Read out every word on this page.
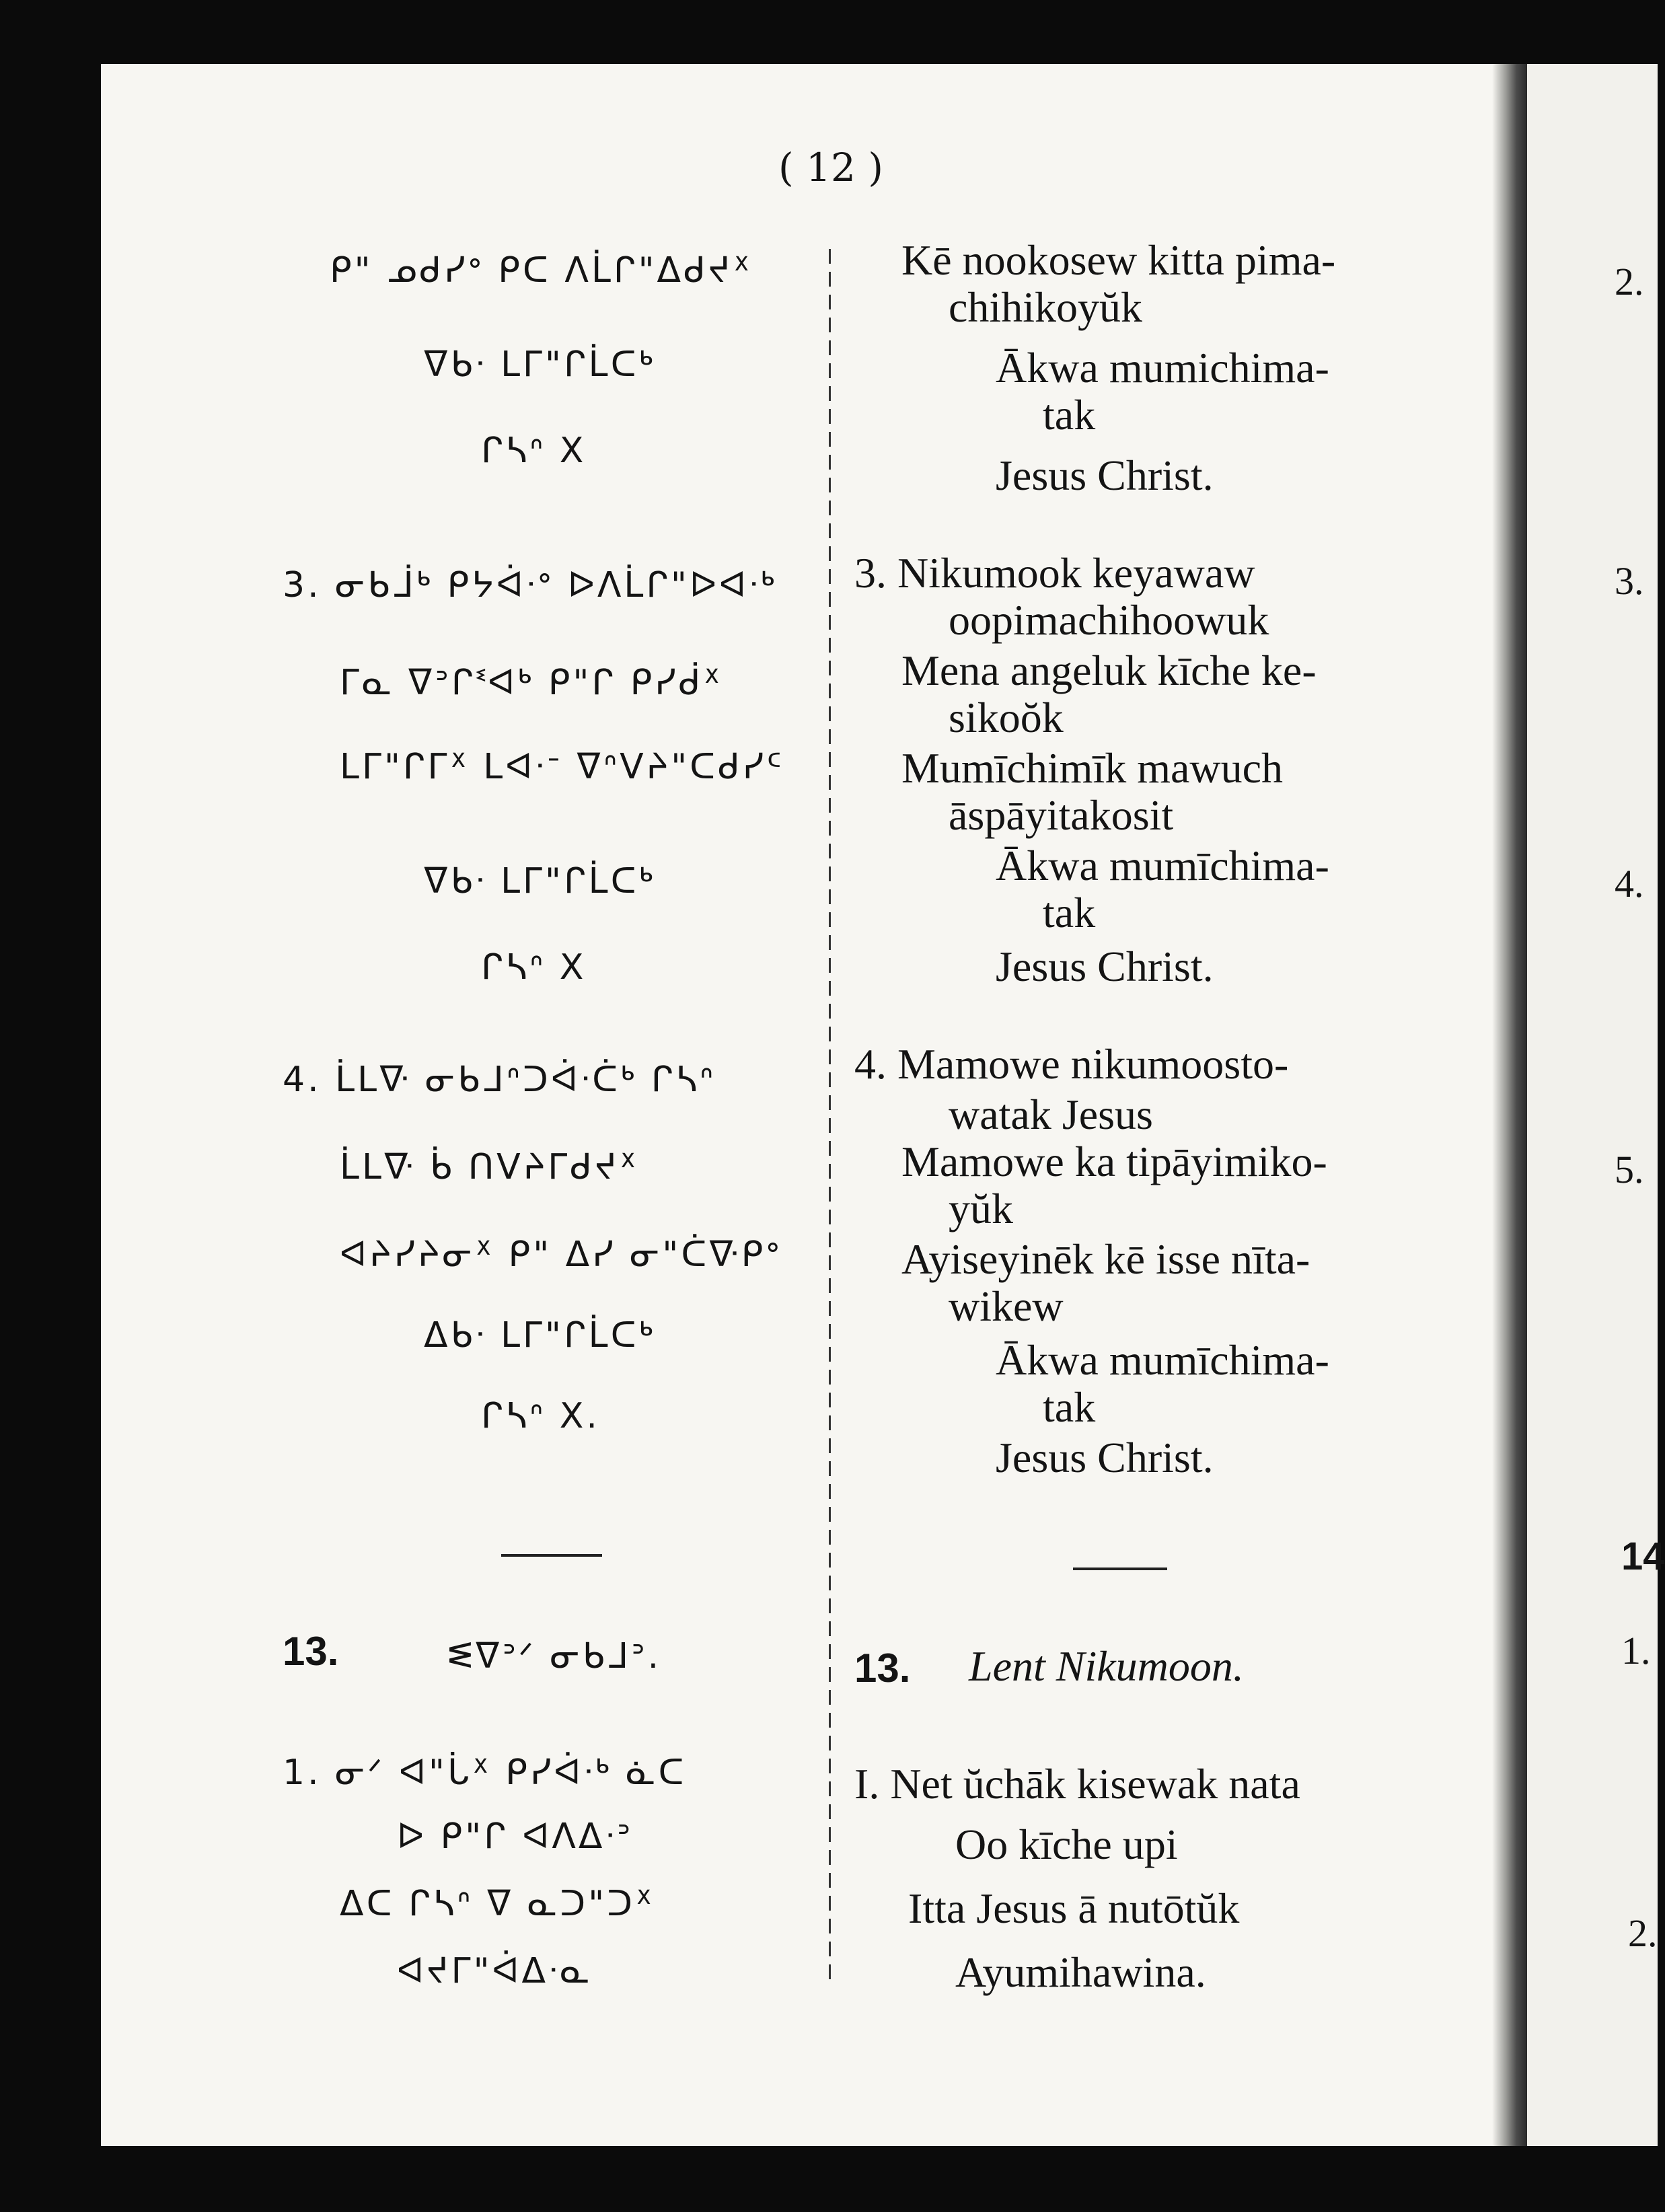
( 12 )
ᑭ" ᓄᑯᓯᐤ ᑭᑕ ᐱᒫᒋ"ᐃᑯᔪᕽ
ᐁᑲᐧ ᒪᒥ"ᒋᒫᑕᒃ
ᒋᓴᐢ X
3. ᓂᑲᒨᒃ ᑭᔭᐋᐧᐤ ᐅᐱᒫᒋ"ᐅᐊᐧᒃ
ᒥᓇ ᐁᐣᒋᓫᐊᒃ ᑭ"ᒋ ᑭᓯᑰᕽ
ᒪᒥ"ᒋᒥᕽ ᒪᐊᐧᐨ ᐁᐢᐯᔨ"ᑕᑯᓯᑦ
ᐁᑲᐧ ᒪᒥ"ᒋᒫᑕᒃ
ᒋᓴᐢ X
4. ᒫᒪᐍ ᓂᑲᒧᐢᑐᐋᐧᑖᒃ ᒋᓴᐢ
ᒫᒪᐍ ᑳ ᑎᐯᔨᒥᑯᔪᕽ
ᐊᔨᓯᔨᓂᕽ ᑭ" ᐃᓯ ᓂ"ᑖᐍᑭᐤ
ᐃᑲᐧ ᒪᒥ"ᒋᒫᑕᒃ
ᒋᓴᐢ X.
13.	ᓬᐁᐣᐟ ᓂᑲᒧᐣ.
1. ᓂᐟ ᐊ"ᒑᕽ ᑭᓯᐋᐧᒃ ᓈᑕ
ᐅ ᑭ"ᒋ ᐊᐱᐃᐧᐣ
ᐃᑕ ᒋᓴᐢ ᐁ ᓇᑐ"ᑐᕽ
ᐊᔪᒥ"ᐋᐃᐧᓇ
Kē nookosew kitta pima-
chihikoyŭk
Ākwa mumichima-
tak
Jesus Christ.
3. Nikumook keyawaw
oopimachihoowuk
Mena angeluk kīche ke-
sikoŏk
Mumīchimīk mawuch
āspāyitakosit
Ākwa mumīchima-
tak
Jesus Christ.
4. Mamowe nikumoosto-
watak Jesus
Mamowe ka tipāyimiko-
yŭk
Ayiseyinēk kē isse nīta-
wikew
Ākwa mumīchima-
tak
Jesus Christ.
13. Lent Nikumoon.
I. Net ŭchāk kisewak nata
Oo kīche upi
Itta Jesus ā nutōtŭk
Ayumihawina.
2.
3.
4.
5.
14
1.
2.
